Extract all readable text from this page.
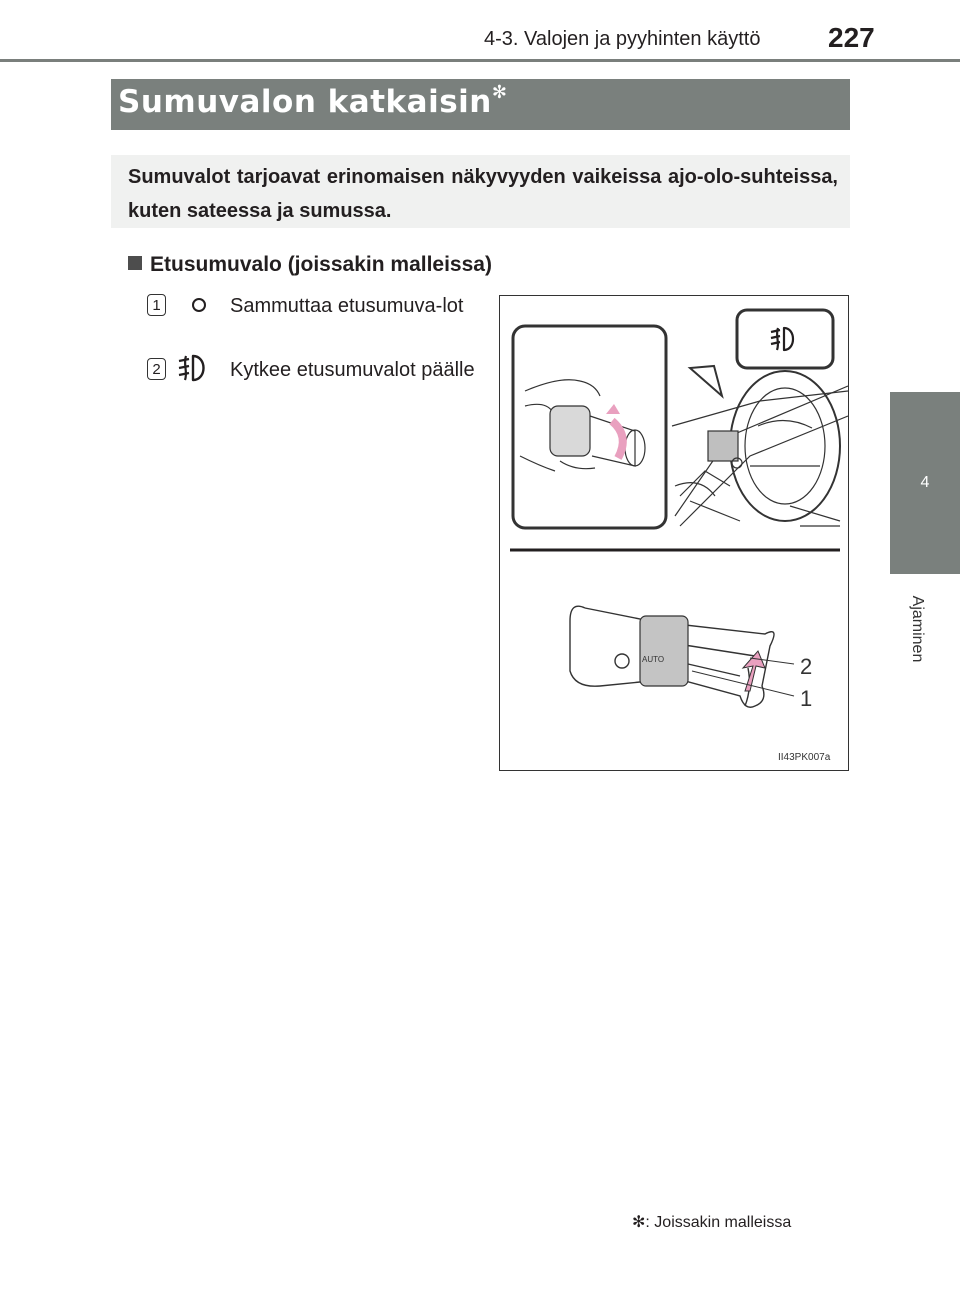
4-3. Valojen ja pyyhinten käyttö 227
4
Ajaminen
Sumuvalon katkaisin✻
Sumuvalot tarjoavat erinomaisen näkyvyyden vaikeissa ajo-olo-suhteissa, kuten sateessa ja sumussa.
Etusumuvalo (joissakin malleissa)
1	Sammuttaa etusumuva-lot
2	Kytkee etusumuvalot päälle
AUTO	2
1
II43PK007a
✻: Joissakin malleissa
